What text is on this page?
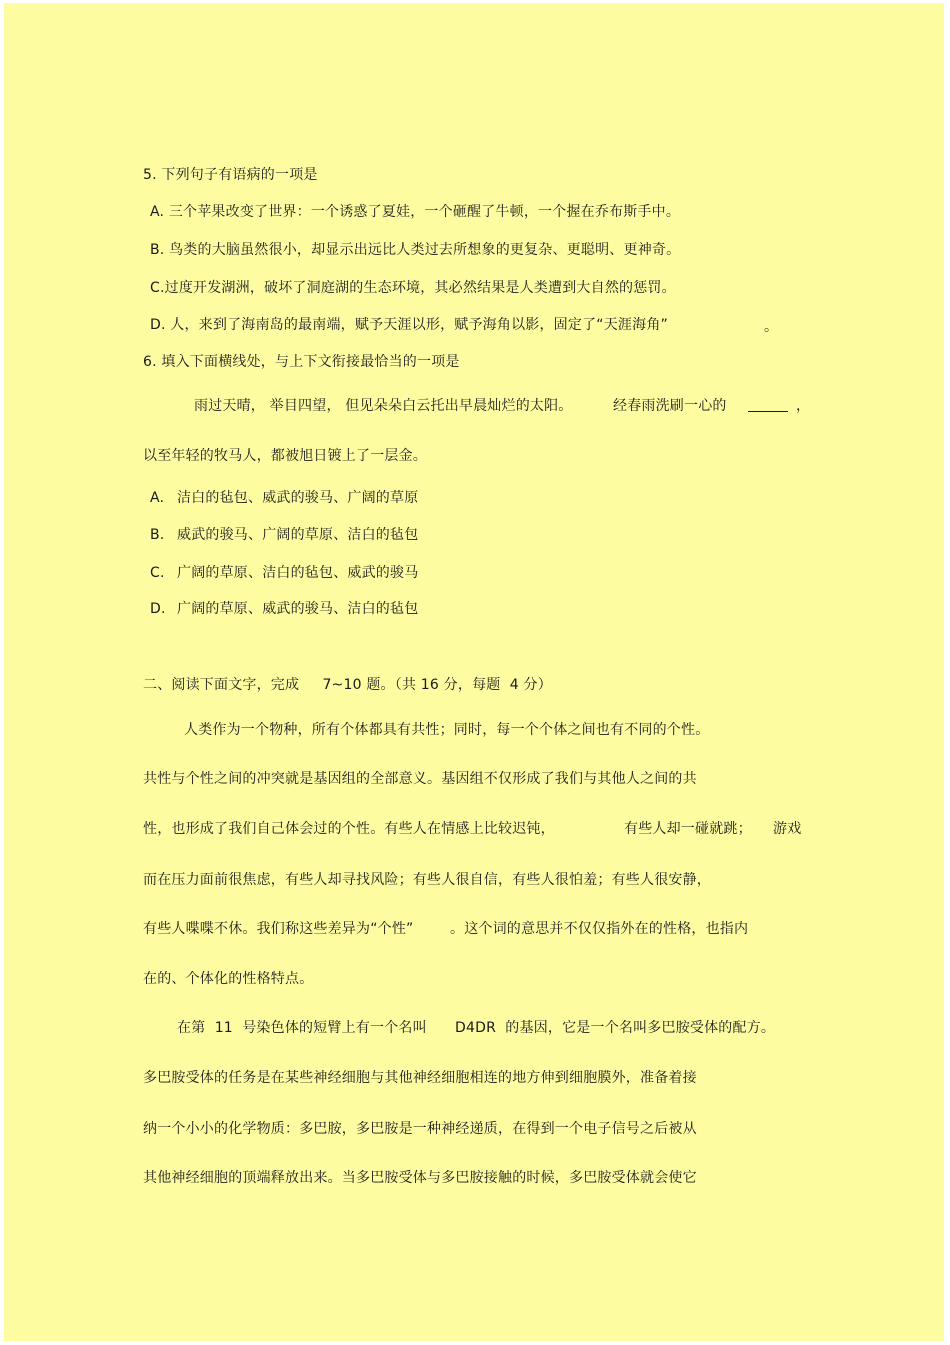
5. 下列句子有语病的一项是
A. 三个苹果改变了世界：一个诱惑了夏娃，一个砸醒了牛顿，一个握在乔布斯手中。
B. 鸟类的大脑虽然很小，却显示出远比人类过去所想象的更复杂、更聪明、更神奇。
C.过度开发湖洲，破坏了洞庭湖的生态环境，其必然结果是人类遭到大自然的惩罚。
D. 人，来到了海南岛的最南端，赋予天涯以形，赋予海角以影，固定了“天涯海角”	。
6. 填入下面横线处，与上下文衔接最恰当的一项是
雨过天晴， 举目四望， 但见朵朵白云托出早晨灿烂的太阳。	经春雨洗刷一心的	，
以至年轻的牧马人，都被旭日镀上了一层金。
A. 洁白的毡包、威武的骏马、广阔的草原
B. 威武的骏马、广阔的草原、洁白的毡包
C. 广阔的草原、洁白的毡包、威武的骏马
D. 广阔的草原、威武的骏马、洁白的毡包
二、阅读下面文字，完成     7~10 题。（共 16 分，每题  4 分）
人类作为一个物种，所有个体都具有共性；同时，每一个个体之间也有不同的个性。
共性与个性之间的冲突就是基因组的全部意义。基因组不仅形成了我们与其他人之间的共
性，也形成了我们自己体会过的个性。有些人在情感上比较迟钝，	有些人却一碰就跳； 游戏
而在压力面前很焦虑，有些人却寻找风险；有些人很自信，有些人很怕羞；有些人很安静，
有些人喋喋不休。我们称这些差异为“个性”	。这个词的意思并不仅仅指外在的性格，也指内
在的、个体化的性格特点。
在第  11  号染色体的短臂上有一个名叫 D4DR  的基因，它是一个名叫多巴胺受体的配方。
多巴胺受体的任务是在某些神经细胞与其他神经细胞相连的地方伸到细胞膜外，准备着接
纳一个小小的化学物质：多巴胺，多巴胺是一种神经递质，在得到一个电子信号之后被从
其他神经细胞的顶端释放出来。当多巴胺受体与多巴胺接触的时候，多巴胺受体就会使它
